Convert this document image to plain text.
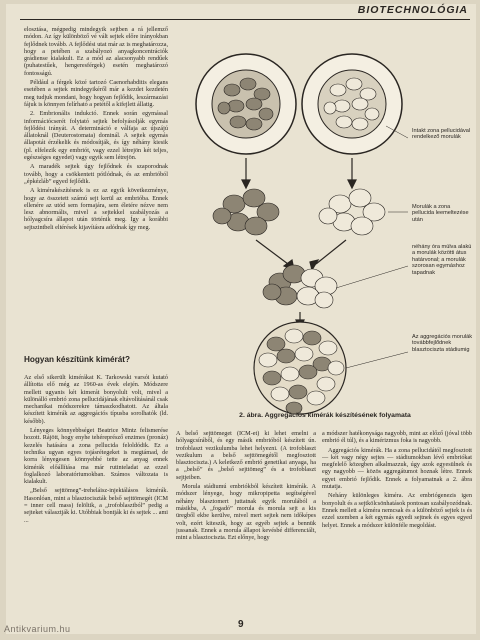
BIOTECHNOLÓGIA

elosztása, mégpedig mindegyik sejtben a rá jellemző módon. Az így különböző vé vált sejtek előre irányokban fejlődnek tovább. A fejlődési utat már az is meghatározza, hogy a petében a szabályozó anyagkoncentrációk grádiense kialakult. Ez a mód az alacsonyabb rendűek (puhatestűek, hengeresférgek) esetén meghatározó fontosságú.

Például a férgek közé tartozó Caenorhabditis elegans esetében a sejtek mindegyikéről már a kezdet kezdetén meg tudjuk mondani, hogy hogyan fejlődik, leszármazási fájuk is könnyen felírható a petétől a kifejlett állatig.

2. Embrionális indukció. Ennek során egymással információcserét folytató sejtek befolyásolják egymás fejlődési irányát. A determináció e válfaja az újszájú állatoknál (Deuterostomata) dominál. A sejtek egymás állapotát érzékelik és módosítják, és így néhány kiesik (pl. elfelezik egy embriót, vagy ezzel létrejön két teljes, egészséges egyedet) vagy egyik sem létrejön.

A maradék sejtek úgy fejlődnek és szaporodnak tovább, hogy a csökkentett pótlódnak, és az embrióból „épkézláb” egyed fejlődik.

A kimérakészítésnek is ez az egyik következménye, hogy az összetett számú sejt kerül az embrióba. Ennek ellenére az utód sem formajára, sem életére nézve nem lesz abnormális, mivel a sejtekkel szabályozás a hólyagcsíra állapot után történik meg. Így a korábbi sejtszintbeli eltérések kijavításra adódnak így meg.

Hogyan készítünk kimérát?

Az első sikerült kimérákat K. Tarkowski varsói kutató állította elő még az 1960-as évek elején. Módszere mellett ugyanis két kimerát bonyolult volt, mivel a különálló embrió zona pellucidájának eltávolításánál csak mechanikai módszerekre támaszkodhatott. Az általa készített kimérák az aggregációs típusba sorolhatók (ld. később).

Lényeges könnyebbséget Beatrice Mintz felismerése hozott. Rájött, hogy enyhe tehéreprésző enzimes (pronáz) kezelés hatására a zona pellucida feloldódik. Ez a technika ugyan egyes tojásrétegeket is megtámad, de korra lényegesen könnyebbé tette az anyag ennek kimérák előállítása ma már rutinteladat az ezzel foglalkozó laboratóriumokban. Számos változata is kialakult.

„Belső sejttömeg”-treheláisz-injektálásos kimérák. Hasonlóan, mint a blasztociszták belső sejttömegét (ICM = inner cell mass) felöltik, a „trofoblasztból” pedig a sejteket választják ki. Utóbbiak bontják ki és sejtek ... ami ...

Intakt zona pellucidával rendelkező morulák
Morulák a zona pellucida leemeltezése után
néhány óra múlva alakú a morulák közötti átus határvonal; a morulák szorosan egymáshoz tapadnak
Az aggregációs morulák továbbfejlődnek blasztociszta stádiumig
2. ábra. Aggregációs kimérák készítésének folyamata

A belső sejttömeget (ICM-et) ki lehet emelni a hólyagcsíráből, és egy másik embrióból készített ún. trofoblaszt vezikulumba lehet helyezni. (A trofoblaszt vezikulum a belső sejttömegétől megfosztott blasztociszta.) A keletkező embrió genetikai anyaga, ha a „belső” és „belső sejttömeg” és a trofoblaszt sejtjeiben.

Morula stádiumú embriókból készített kimérák. A módszer lényege, hogy mikropipetta segítségével néhány blasztomert juttatnak egyik morulából a másikba, A „fogadó” morula és morula sejt a kis üregből ekbe kerülve, mivel mert sejtek nem időképes volt, ezért kiteszik, hogy az egyéb sejtek a bennük jussanak. Ennek a morula állapot kevésbé differenciált, mint a blasztociszta. Ezt előnye, hogy

a módszer hatékonysága nagyobb, mint az előző (jóval több embrió él túl), és a kimérizmus foka is nagyobb.

Aggregációs kimérák. Ha a zona pellucidától megfosztott — két vagy négy sejtes — stádiumokban lévő embriókat megfelelő közegben alkalmazzuk, úgy azok egyesülnek és egy nagyobb — közös aggregátumot hoznak létre. Ennek egyet embrió fejlődik. Ennek a folyamatnak a 2. ábra mutatja.

Nehány különleges kiméra. Az embriógenezis igen bonyolult és a sejtkölcsönhatások pontosan szabályozódnak. Ennek mellett a kiméra nemcsak és a különböző sejtek is és ezzel szemben a két egymás egyedi sejtnek és egyes egyed helyet. Ennek a módszer különféle megoldást.

9
Antikvarium.hu
